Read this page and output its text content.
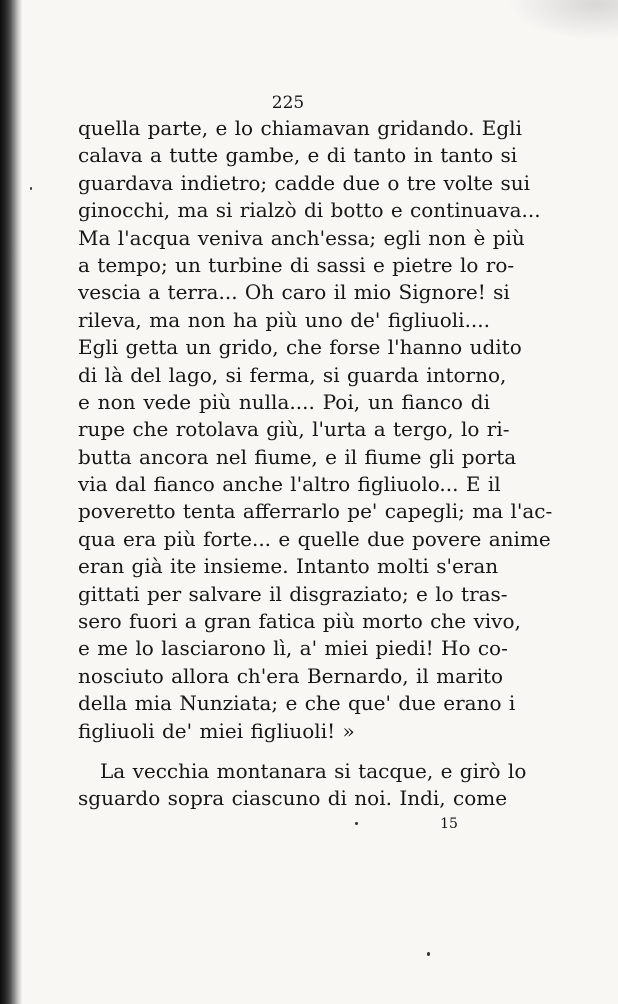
225
quella parte, e lo chiamavan gridando. Egli
calava a tutte gambe, e di tanto in tanto si
guardava indietro; cadde due o tre volte sui
ginocchi, ma si rialzò di botto e continuava...
Ma l'acqua veniva anch'essa; egli non è più
a tempo; un turbine di sassi e pietre lo ro-
vescia a terra... Oh caro il mio Signore! si
rileva, ma non ha più uno de' figliuoli....
Egli getta un grido, che forse l'hanno udito
di là del lago, si ferma, si guarda intorno,
e non vede più nulla.... Poi, un fianco di
rupe che rotolava giù, l'urta a tergo, lo ri-
butta ancora nel fiume, e il fiume gli porta
via dal fianco anche l'altro figliuolo... E il
poveretto tenta afferrarlo pe' capegli; ma l'ac-
qua era più forte... e quelle due povere anime
eran già ite insieme. Intanto molti s'eran
gittati per salvare il disgraziato; e lo tras-
sero fuori a gran fatica più morto che vivo,
e me lo lasciarono lì, a' miei piedi! Ho co-
nosciuto allora ch'era Bernardo, il marito
della mia Nunziata; e che que' due erano i
figliuoli de' miei figliuoli! »
La vecchia montanara si tacque, e girò lo
sguardo sopra ciascuno di noi. Indi, come
15
